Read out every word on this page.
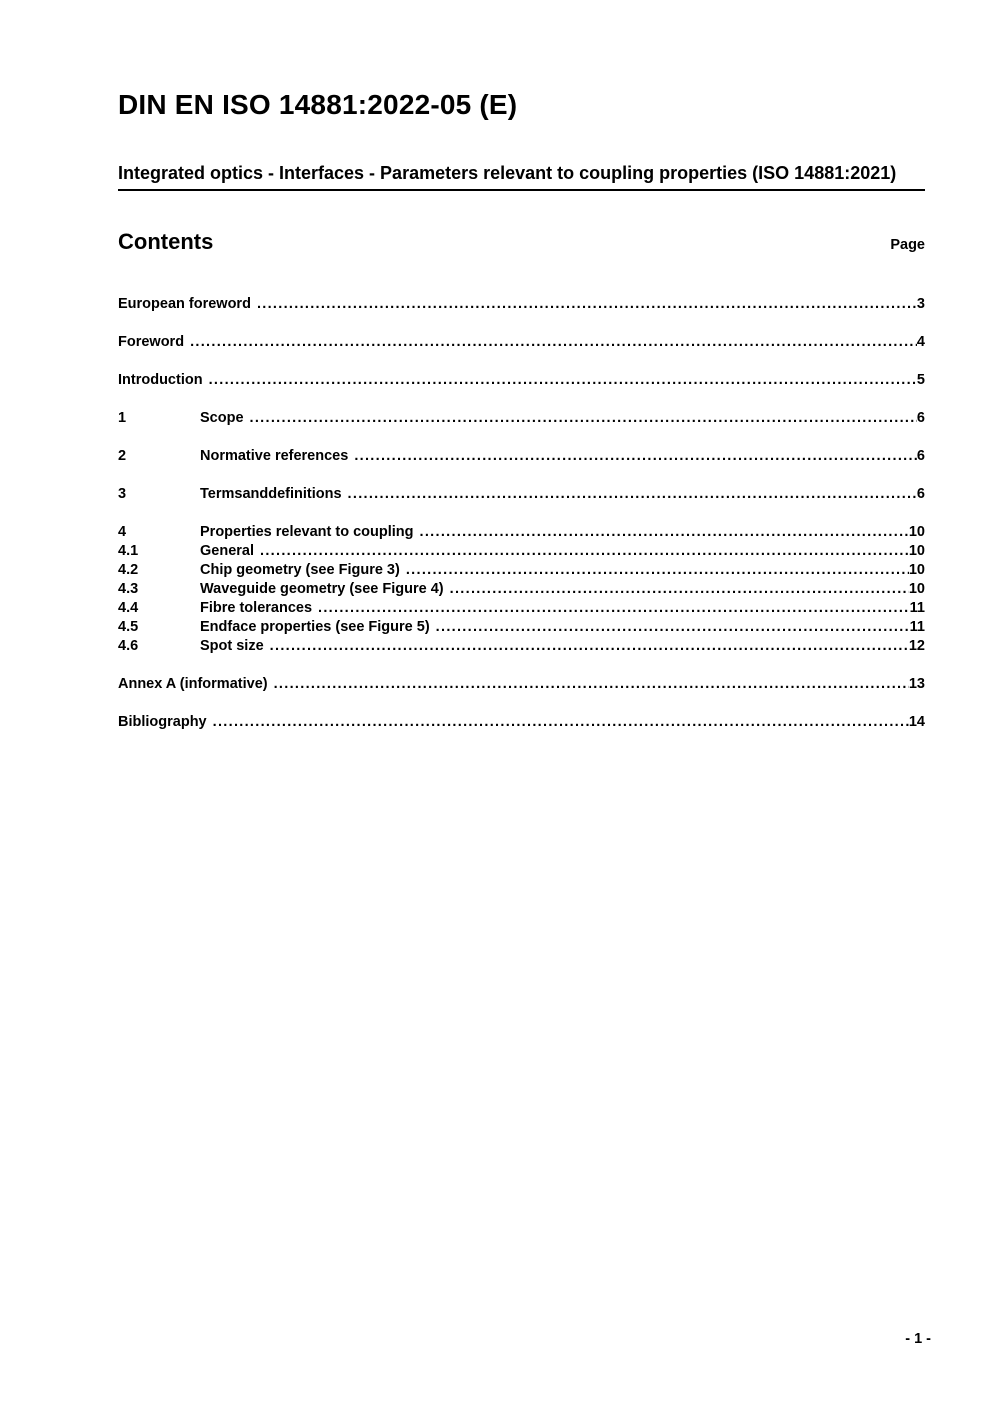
DIN EN ISO 14881:2022-05 (E)
Integrated optics - Interfaces - Parameters relevant to coupling properties (ISO 14881:2021)
Contents	Page
European foreword .....	3
Foreword .....	4
Introduction .....	5
1	Scope .....	6
2	Normative references .....	6
3	Termsanddefinitions .....	6
4	Properties relevant to coupling .....	10
4.1	General .....	10
4.2	Chip geometry (see Figure 3) .....	10
4.3	Waveguide geometry (see Figure 4) .....	10
4.4	Fibre tolerances .....	11
4.5	Endface properties (see Figure 5) .....	11
4.6	Spot size .....	12
Annex A (informative) .....	13
Bibliography .....	14
- 1 -
